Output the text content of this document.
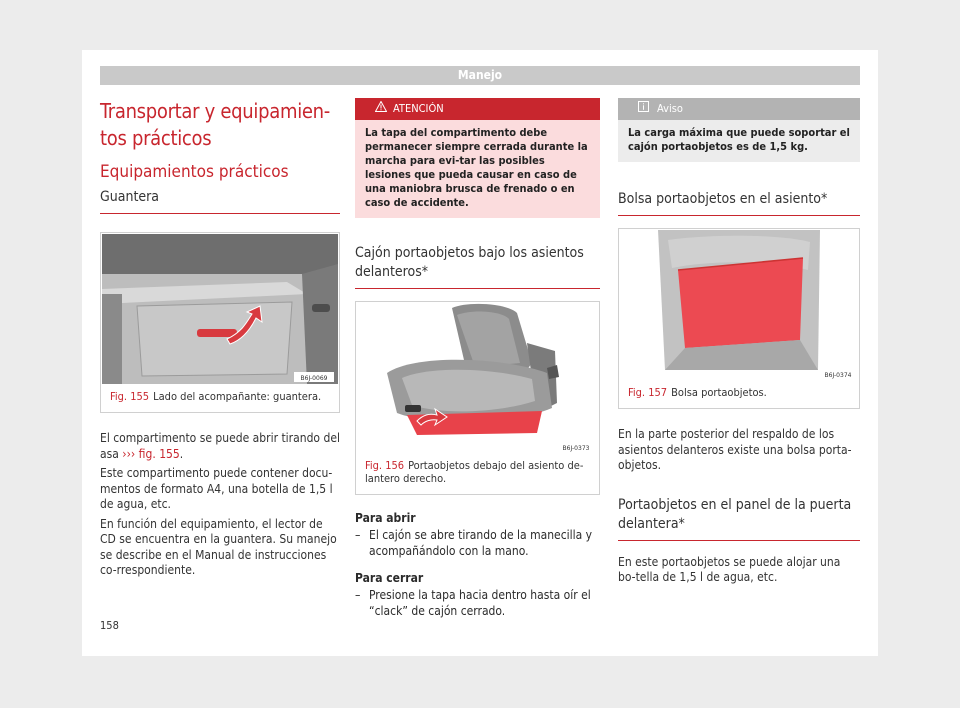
Manejo
Transportar y equipamien-
tos prácticos
Equipamientos prácticos
Guantera
B6J-0069
Fig. 155 Lado del acompañante: guantera.

El compartimento se puede abrir tirando del asa ››› fig. 155.

Este compartimento puede contener docu-mentos de formato A4, una botella de 1,5 l de agua, etc.

En función del equipamiento, el lector de CD se encuentra en la guantera. Su manejo se describe en el Manual de instrucciones co-rrespondiente.

ATENCIÓN
La tapa del compartimento debe permanecer siempre cerrada durante la marcha para evi-tar las posibles lesiones que pueda causar en caso de una maniobra brusca de frenado o en caso de accidente.
Cajón portaobjetos bajo los asientos delanteros*
B6J-0373
Fig. 156 Portaobjetos debajo del asiento de-lantero derecho.
Para abrir
– El cajón se abre tirando de la manecilla y acompañándolo con la mano.
Para cerrar
– Presione la tapa hacia dentro hasta oír el “clack” de cajón cerrado.
Aviso
La carga máxima que puede soportar el cajón portaobjetos es de 1,5 kg.
Bolsa portaobjetos en el asiento*
B6J-0374
Fig. 157 Bolsa portaobjetos.

En la parte posterior del respaldo de los asientos delanteros existe una bolsa porta-objetos.

Portaobjetos en el panel de la puerta delantera*

En este portaobjetos se puede alojar una bo-tella de 1,5 l de agua, etc.

158
